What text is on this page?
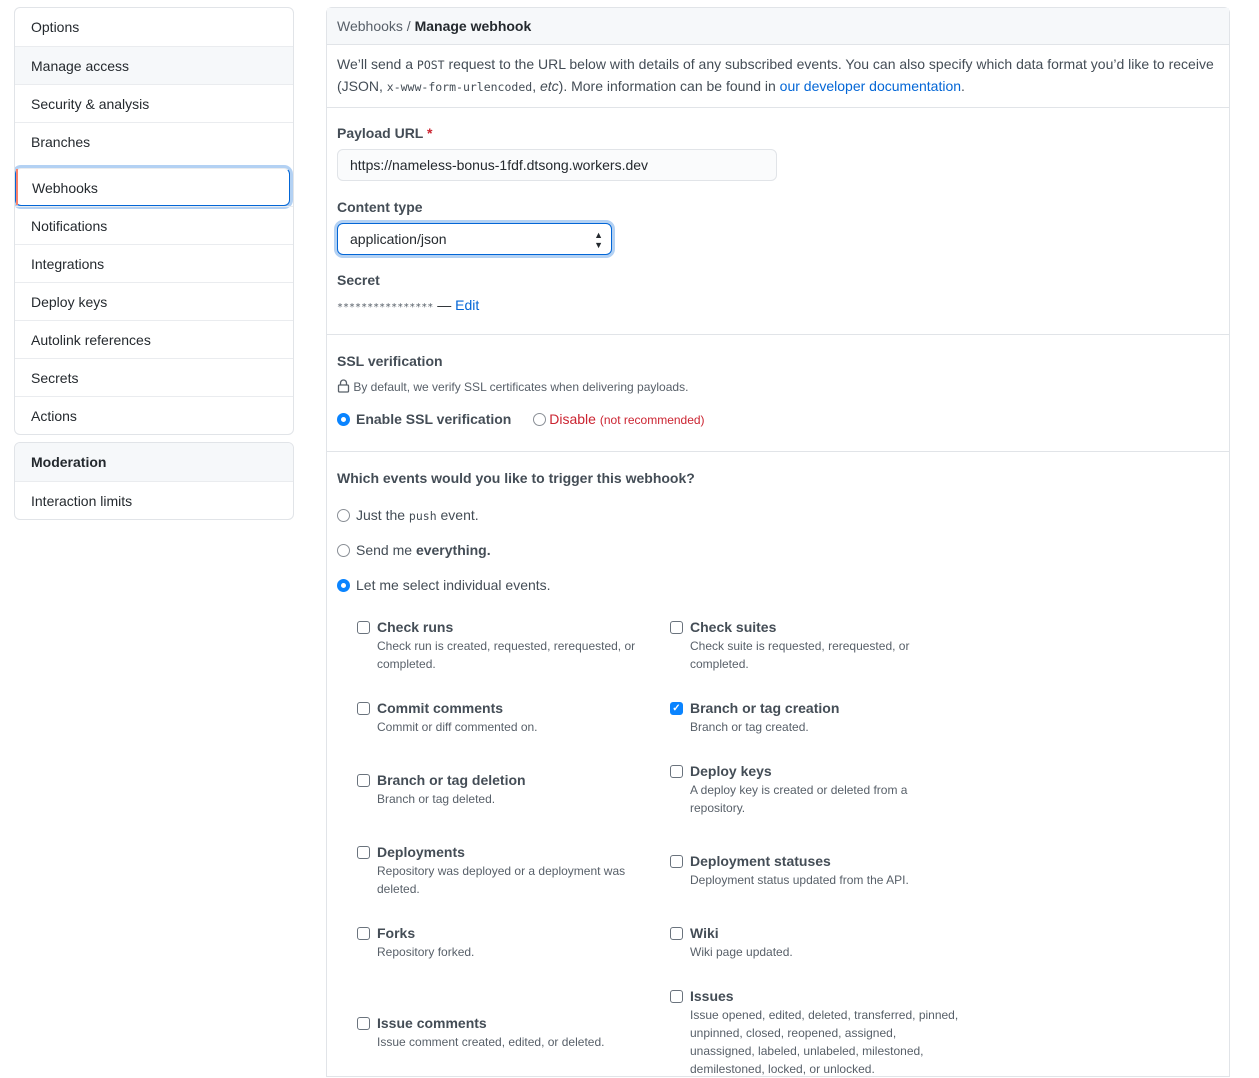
Options
Manage access
Security & analysis
Branches
Webhooks
Notifications
Integrations
Deploy keys
Autolink references
Secrets
Actions
Moderation
Interaction limits
Webhooks / Manage webhook
We’ll send a POST request to the URL below with details of any subscribed events. You can also specify which data format you’d like to receive (JSON, x-www-form-urlencoded, etc). More information can be found in our developer documentation.
Payload URL *
https://nameless-bonus-1fdf.dtsong.workers.dev
Content type
application/json	▲
▼
Secret
**************** — Edit
SSL verification
By default, we verify SSL certificates when delivering payloads.
Enable SSL verification	Disable (not recommended)
Which events would you like to trigger this webhook?
Just the push event.
Send me everything.
Let me select individual events.
Check runs
Check run is created, requested, rerequested, or completed.
Check suites
Check suite is requested, rerequested, or completed.
Commit comments
Commit or diff commented on.
✓ Branch or tag creation
Branch or tag created.
Branch or tag deletion
Branch or tag deleted.
Deploy keys
A deploy key is created or deleted from a repository.
Deployments
Repository was deployed or a deployment was deleted.
Deployment statuses
Deployment status updated from the API.
Forks
Repository forked.
Wiki
Wiki page updated.
Issue comments
Issue comment created, edited, or deleted.
Issues
Issue opened, edited, deleted, transferred, pinned, unpinned, closed, reopened, assigned, unassigned, labeled, unlabeled, milestoned, demilestoned, locked, or unlocked.
